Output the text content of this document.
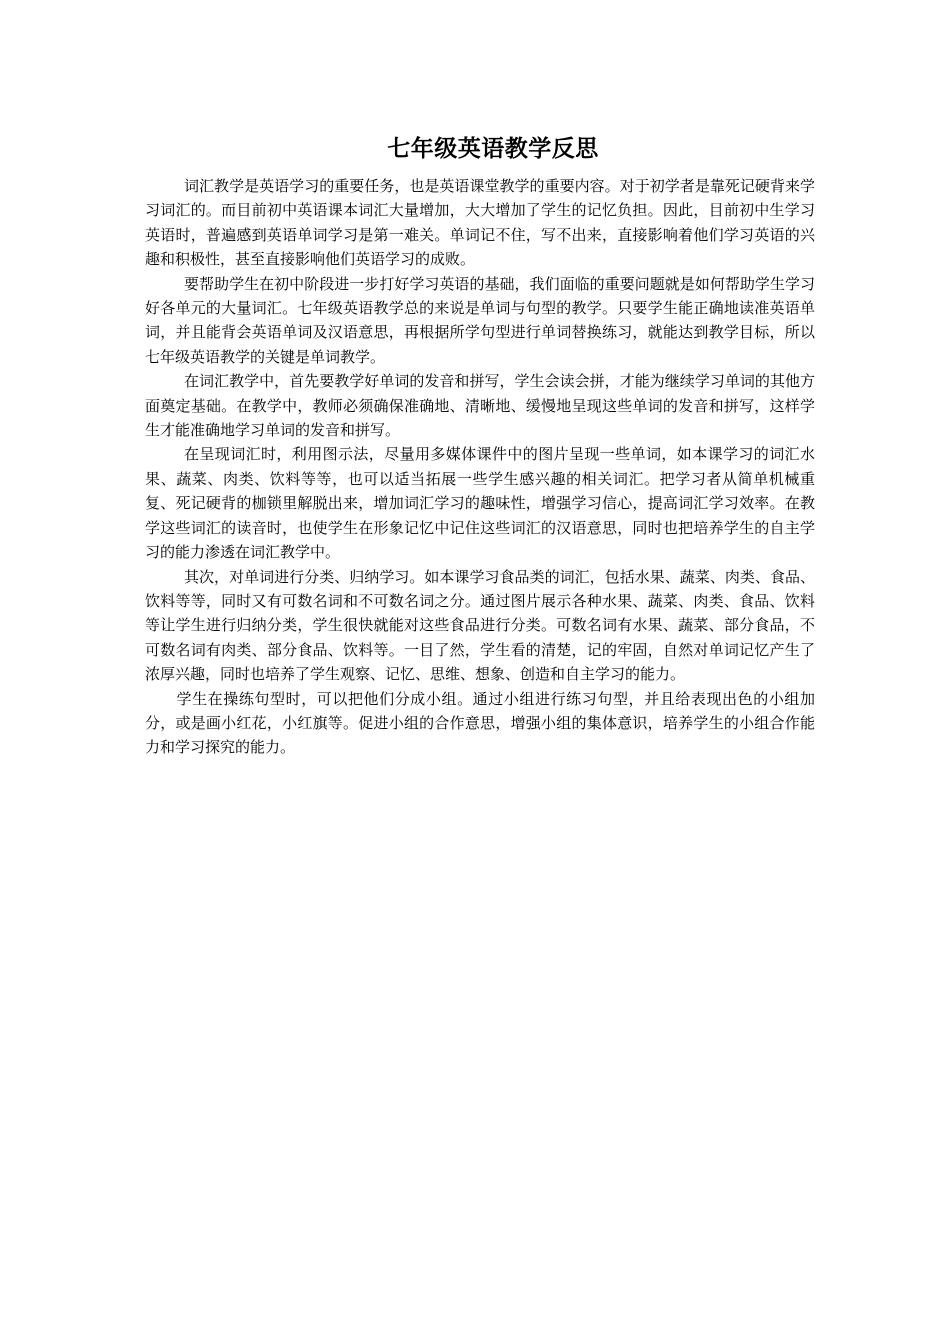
七年级英语教学反思

词汇教学是英语学习的重要任务，也是英语课堂教学的重要内容。对于初学者是靠死记硬背来学习词汇的。而目前初中英语课本词汇大量增加，大大增加了学生的记忆负担。因此，目前初中生学习英语时，普遍感到英语单词学习是第一难关。单词记不住，写不出来，直接影响着他们学习英语的兴趣和积极性，甚至直接影响他们英语学习的成败。

要帮助学生在初中阶段进一步打好学习英语的基础，我们面临的重要问题就是如何帮助学生学习好各单元的大量词汇。七年级英语教学总的来说是单词与句型的教学。只要学生能正确地读准英语单词，并且能背会英语单词及汉语意思，再根据所学句型进行单词替换练习，就能达到教学目标，所以七年级英语教学的关键是单词教学。

在词汇教学中，首先要教学好单词的发音和拼写，学生会读会拼，才能为继续学习单词的其他方面奠定基础。在教学中，教师必须确保准确地、清晰地、缓慢地呈现这些单词的发音和拼写，这样学生才能准确地学习单词的发音和拼写。

在呈现词汇时，利用图示法，尽量用多媒体课件中的图片呈现一些单词，如本课学习的词汇水果、蔬菜、肉类、饮料等等，也可以适当拓展一些学生感兴趣的相关词汇。把学习者从简单机械重复、死记硬背的枷锁里解脱出来，增加词汇学习的趣味性，增强学习信心，提高词汇学习效率。在教学这些词汇的读音时，也使学生在形象记忆中记住这些词汇的汉语意思，同时也把培养学生的自主学习的能力渗透在词汇教学中。

其次，对单词进行分类、归纳学习。如本课学习食品类的词汇，包括水果、蔬菜、肉类、食品、饮料等等，同时又有可数名词和不可数名词之分。通过图片展示各种水果、蔬菜、肉类、食品、饮料等让学生进行归纳分类，学生很快就能对这些食品进行分类。可数名词有水果、蔬菜、部分食品，不可数名词有肉类、部分食品、饮料等。一目了然，学生看的清楚，记的牢固，自然对单词记忆产生了浓厚兴趣，同时也培养了学生观察、记忆、思维、想象、创造和自主学习的能力。

学生在操练句型时，可以把他们分成小组。通过小组进行练习句型，并且给表现出色的小组加分，或是画小红花，小红旗等。促进小组的合作意思，增强小组的集体意识，培养学生的小组合作能力和学习探究的能力。
